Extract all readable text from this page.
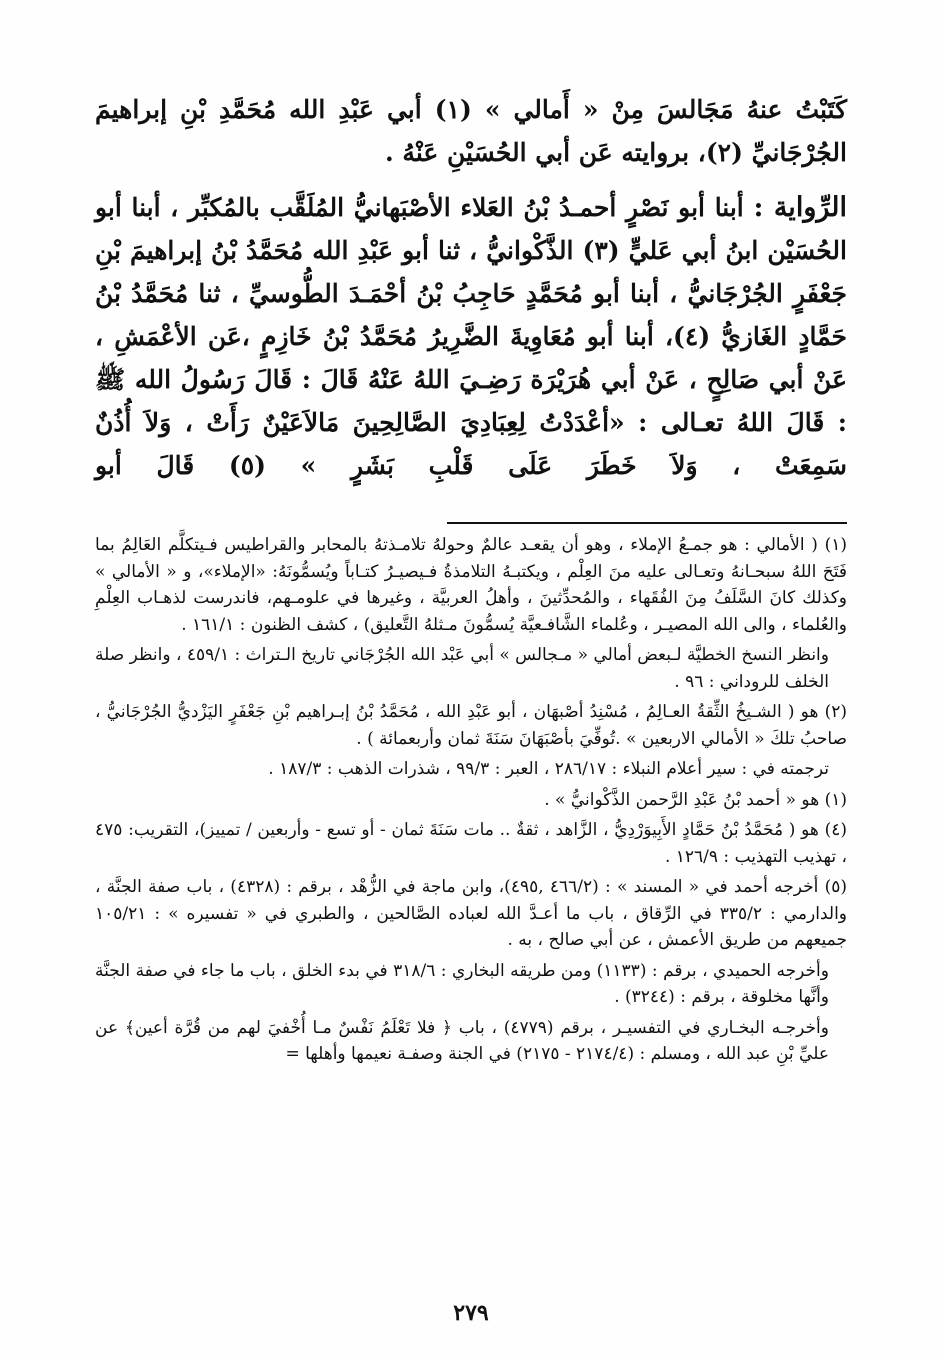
كَتَبْتُ عنهُ مَجَالسَ مِنْ « أَمالي » (١) أبي عَبْدِ الله مُحَمَّدِ بْنِ إبراهيمَ الجُرْجَانيِّ (٢)، بروايته عَن أبي الحُسَيْنِ عَنْهُ .

الرِّواية : أبنا أبو نَصْرٍ أحمـدُ بْنُ العَلاء الأصْبَهانيُّ المُلَقَّب بالمُكبِّر ، أبنا أبو الحُسَيْن ابنُ أبي عَليٍّ (٣) الذَّكْوانيُّ ، ثنا أبو عَبْدِ الله مُحَمَّدُ بْنُ إبراهيمَ بْنِ جَعْفَرٍ الجُرْجَانيُّ ، أبنا أبو مُحَمَّدٍ حَاجِبُ بْنُ أحْمَـدَ الطُّوسيِّ ، ثنا مُحَمَّدُ بْنُ حَمَّادٍ الغَازيُّ (٤)، أبنا أبو مُعَاوِيةَ الضَّرِيرُ مُحَمَّدُ بْنُ خَازِمٍ ،عَن الأعْمَشِ ، عَنْ أبي صَالِحٍ ، عَنْ أبي هُرَيْرَة رَضِـيَ اللهُ عَنْهُ قَالَ : قَالَ رَسُولُ الله ﷺ : قَالَ اللهُ تعـالى : «أعْدَدْتُ لِعِبَادِيَ الصَّالِحِينَ مَالاَعَيْنٌ رَأَتْ ، وَلاَ أُذُنٌ سَمِعَتْ ، وَلاَ خَطَرَ عَلَى قَلْبِ بَشَرٍ » (٥) قَالَ أبو

(١) ( الأمالي : هو جمـعُ الإملاء ، وهو أن يقعـد عالمٌ وحولهُ تلامـذتهُ بالمحابر والقراطيس فـيتكلَّم العَالِمُ بما فَتَحَ اللهُ سبحـانهُ وتعـالى عليه منَ العِلْم ، ويكتبـهُ التلامذةُ فـيصيـرُ كتـاباً ويُسمُّونَهُ: «الإملاء»، و « الأمالي » وكذلك كانَ السَّلَفُ مِنَ الفُقَهاء ، والمُحدِّثينَ ، وأهلُ العربيَّة ، وغيرها في علومـهم، فاندرست لذهـاب العِلْمِ والعُلماء ، والى الله المصيـر ، وعُلماء الشَّافـعيَّة يُسمُّونَ مـثلهُ التَّعليق) ، كشف الظنون : ١٦١/١ .

وانظر النسخ الخطيَّة لـبعض أمالي « مـجالس » أبي عَبْد الله الجُرْجَاني تاريخ الـتراث : ٤٥٩/١ ، وانظر صلة الخلف للروداني : ٩٦ .

(٢) هو ( الشـيخُ الثِّقةُ العـالِمُ ، مُسْنِدُ أصْبهَان ، أبو عَبْدِ الله ، مُحَمَّدُ بْنُ إبـراهيم بْنِ جَعْفَرٍ اليَزْديُّ الجُرْجَانيُّ ، صاحبُ تلكَ « الأمالي الاربعين » .تُوفِّيَ بأصْبَهَانَ سَنَةَ ثمان وأربعمائة ) .

ترجمته في : سير أعلام النبلاء : ٢٨٦/١٧ ، العبر : ٩٩/٣ ، شذرات الذهب : ١٨٧/٣ .

(١) هو « أحمد بْنُ عَبْدِ الرَّحمن الذَّكْوانيُّ » .

(٤) هو ( مُحَمَّدُ بْنُ حَمَّادٍ الأَبِيوَرْدِيُّ ، الزَّاهد ، ثقةٌ .. مات سَنَةَ ثمان - أو تسع - وأربعين / تمييز)، التقريب: ٤٧٥ ، تهذيب التهذيب : ١٢٦/٩ .

(٥) أخرجه أحمد في « المسند » : (٤٦٦/٢ ,٤٩٥)، وابن ماجة في الزُّهْد ، برقم : (٤٣٢٨) ، باب صفة الجنَّة ، والدارمي : ٣٣٥/٢ في الرِّقاق ، باب ما أعـدَّ الله لعباده الصَّالحين ، والطبري في « تفسيره » : ١٠٥/٢١ جميعهم من طريق الأعمش ، عن أبي صالح ، به .

وأخرجه الحميدي ، برقم : (١١٣٣) ومن طريقه البخاري : ٣١٨/٦ في بدء الخلق ، باب ما جاء في صفة الجنَّة وأنَّها مخلوقة ، برقم : (٣٢٤٤) .

وأخرجـه البخـاري في التفسيـر ، برقم (٤٧٧٩) ، باب ﴿ فلا تَعْلَمُ نَفْسٌ مـا أُخْفيَ لهم من قُرَّة أعين﴾ عن عليِّ بْنِ عبد الله ، ومسلم : (٢١٧٤/٤ - ٢١٧٥) في الجنة وصفـة نعيمها وأهلها =

٢٧٩
